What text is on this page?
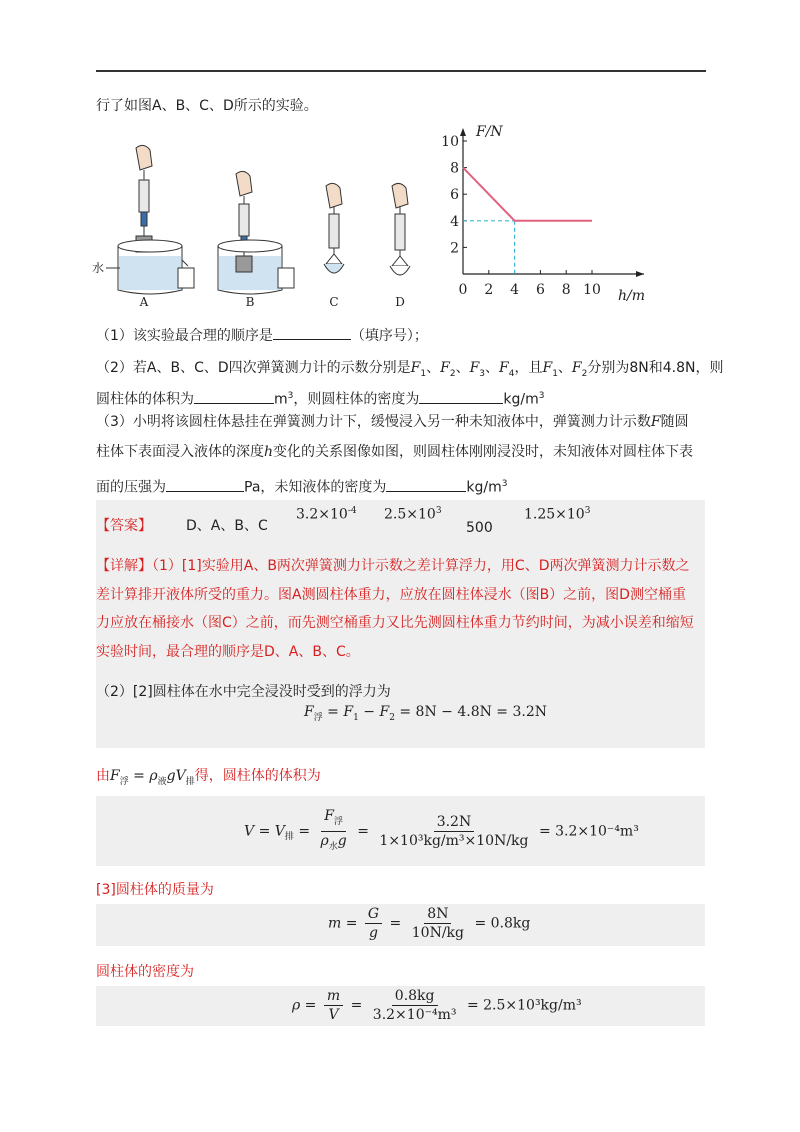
行了如图A、B、C、D所示的实验。
水
A	B	C	D
F/N
h/m
2
4
6
8
10
0 2 4 6 8 10
（1）该实验最合理的顺序是	（填序号）；
（2）若A、B、C、D四次弹簧测力计的示数分别是$F_1$、$F_2$、$F_3$、$F_4$，且$F_1$、$F_2$分别为8N和4.8N，则
圆柱体的体积为	$m^3$，则圆柱体的密度为	$kg/m^3$
（3）小明将该圆柱体悬挂在弹簧测力计下，缓慢浸入另一种未知液体中，弹簧测力计示数F随圆
柱体下表面浸入液体的深度h变化的关系图像如图，则圆柱体刚刚浸没时，未知液体对圆柱体下表
面的压强为	Pa，未知液体的密度为	$kg/m^3$
【答案】 D、A、B、C
$3.2\times 10^{-4}$ $2.5\times 10^3$
500
$1.25\times 10^3$
【详解】（1）[1]实验用A、B两次弹簧测力计示数之差计算浮力，用C、D两次弹簧测力计示数之
差计算排开液体所受的重力。图A测圆柱体重力，应放在圆柱体浸水（图B）之前，图D测空桶重
力应放在桶接水（图C）之前，而先测空桶重力又比先测圆柱体重力节约时间，为减小误差和缩短
实验时间，最合理的顺序是D、A、B、C。
（2）[2]圆柱体在水中完全浸没时受到的浮力为
$F_浮 = F_1 - F_2 = 8N - 4.8N = 3.2N$
由$F_浮 = \rho_液gV_排$得，圆柱体的体积为
$V = V_排 = \frac{F_浮}{\rho_水g} = \frac{3.2N}{\text{1×10³kg/m³×10N/kg}} = 3.2\times 10^{-4}m^3$
[3]圆柱体的质量为
$m = \frac{G}{g} = \frac{8N}{10N/kg} = 0.8kg$
圆柱体的密度为
$\rho = \frac{m}{V} = \frac{0.8kg}{\text{3.2×10⁻⁴m³}} = 2.5\times 10^3kg/m^3$
